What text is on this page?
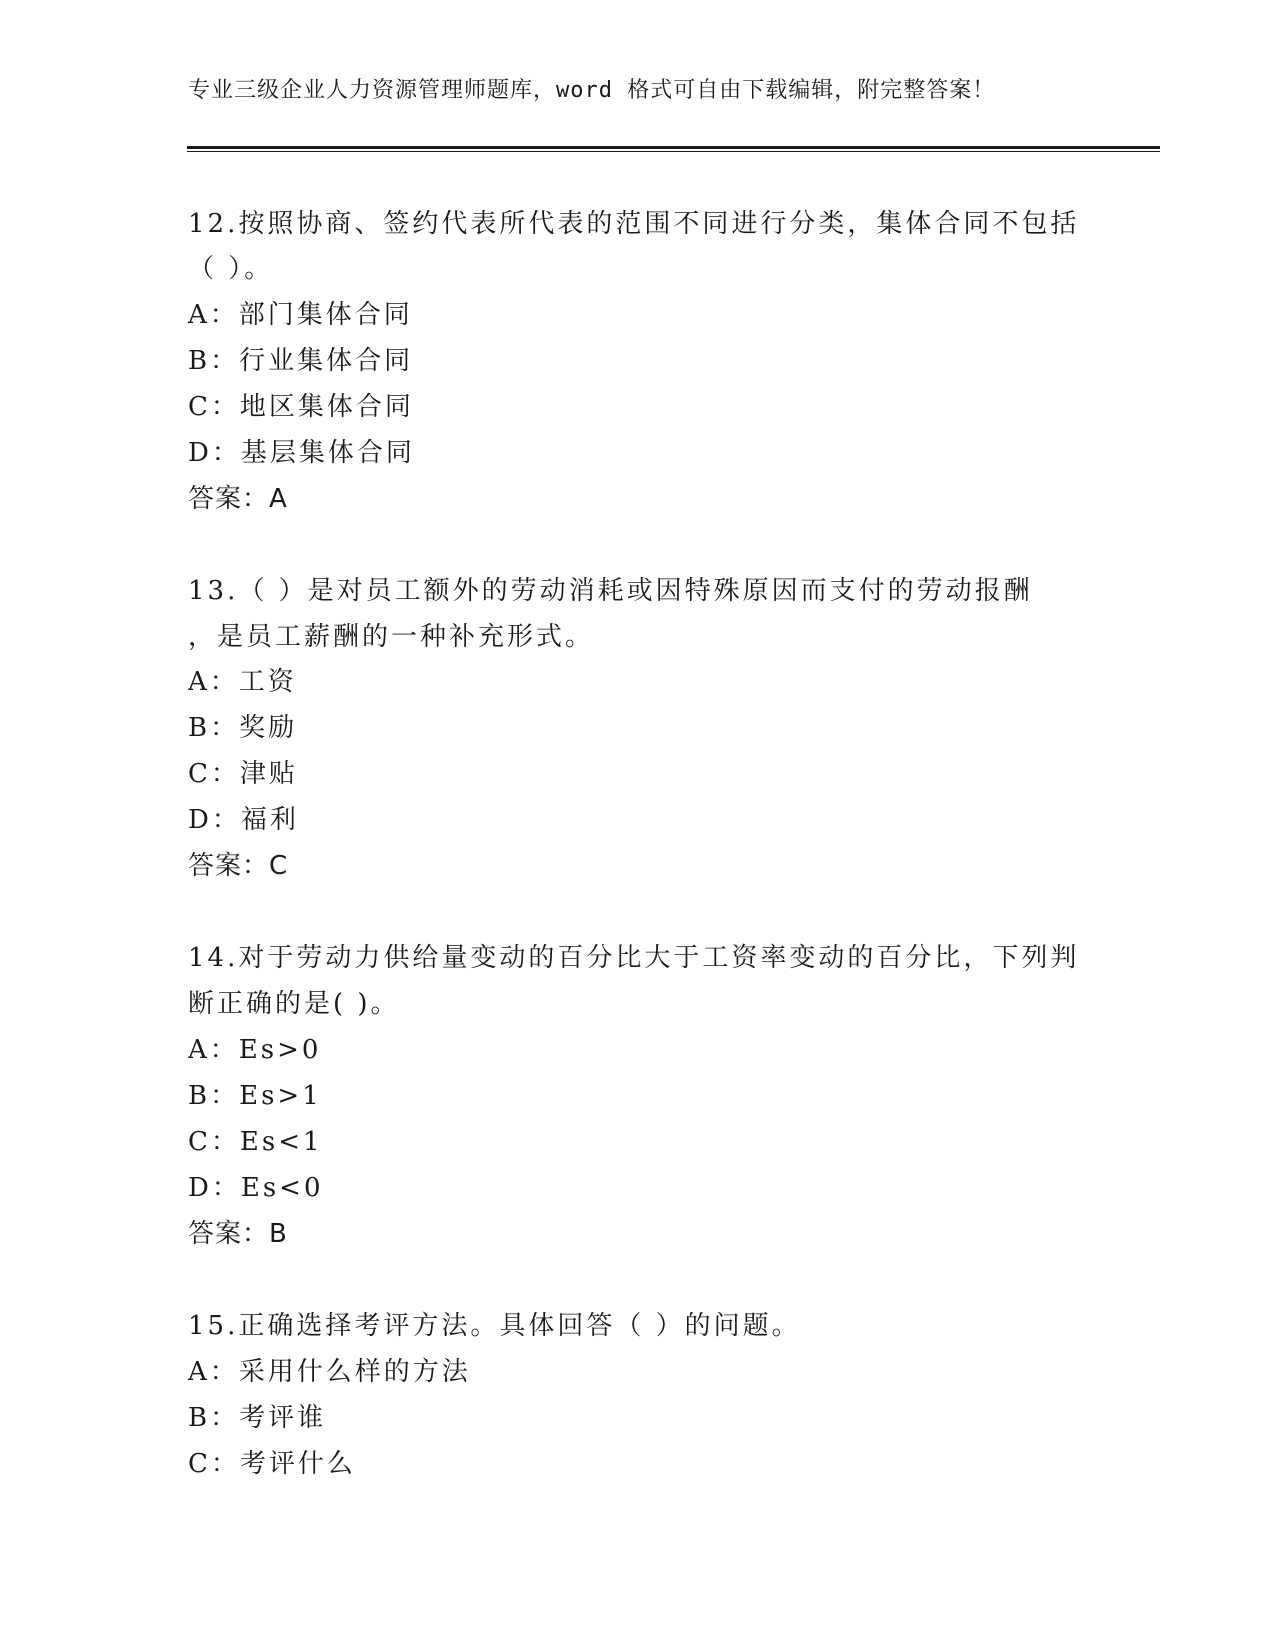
专业三级企业人力资源管理师题库，word 格式可自由下载编辑，附完整答案！
12.按照协商、签约代表所代表的范围不同进行分类，集体合同不包括
（ ）。
A：部门集体合同
B：行业集体合同
C：地区集体合同
D：基层集体合同
答案：A
13.（ ）是对员工额外的劳动消耗或因特殊原因而支付的劳动报酬
，是员工薪酬的一种补充形式。
A：工资
B：奖励
C：津贴
D：福利
答案：C
14.对于劳动力供给量变动的百分比大于工资率变动的百分比，下列判
断正确的是( )。
A：Es>0
B：Es>1
C：Es<1
D：Es<0
答案：B
15.正确选择考评方法。具体回答（ ）的问题。
A：采用什么样的方法
B：考评谁
C：考评什么
